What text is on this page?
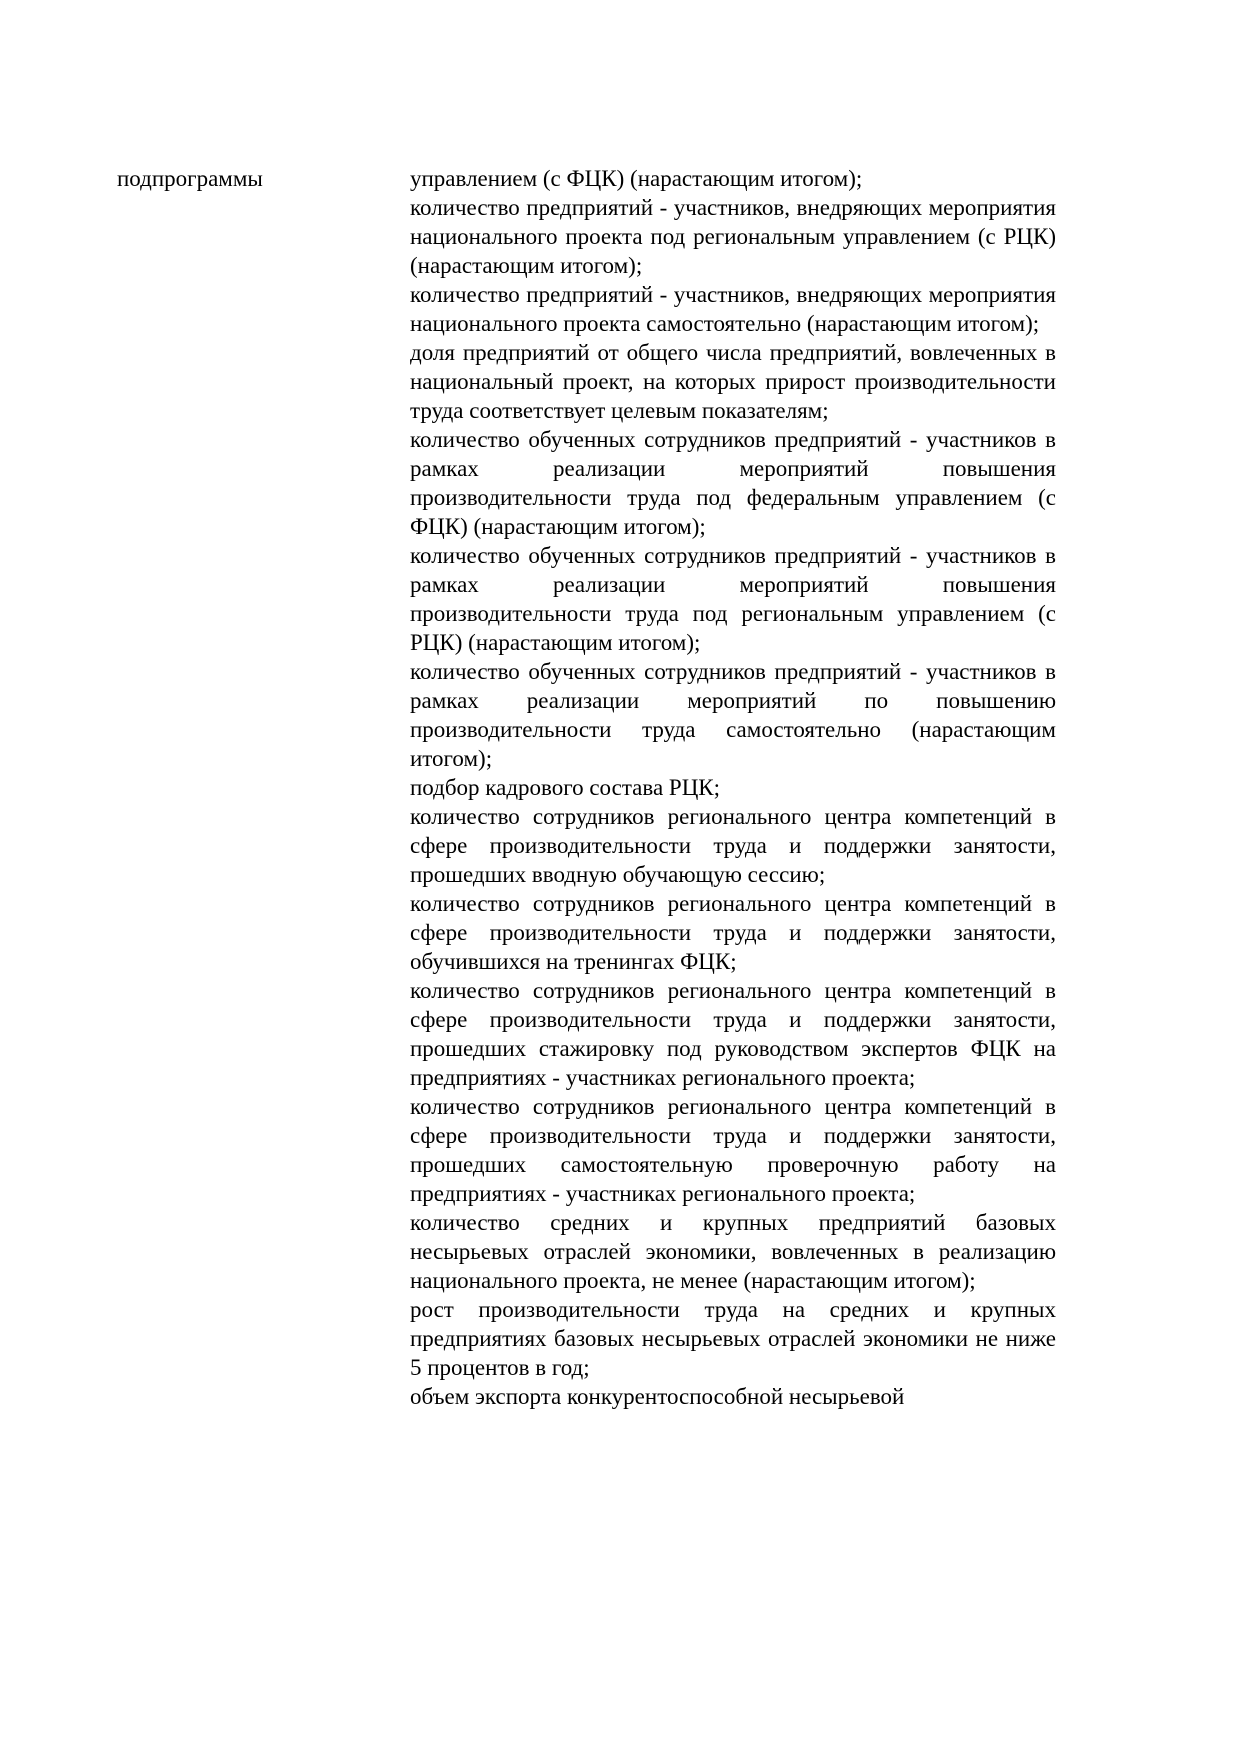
подпрограммы	управлением (с ФЦК) (нарастающим итогом);

количество предприятий - участников, внедряющих мероприятия национального проекта под региональным управлением (с РЦК) (нарастающим итогом);

количество предприятий - участников, внедряющих мероприятия национального проекта самостоятельно (нарастающим итогом);

доля предприятий от общего числа предприятий, вовлеченных в национальный проект, на которых прирост производительности труда соответствует целевым показателям;

количество обученных сотрудников предприятий - участников в рамках реализации мероприятий повышения производительности труда под федеральным управлением (с ФЦК) (нарастающим итогом);

количество обученных сотрудников предприятий - участников в рамках реализации мероприятий повышения производительности труда под региональным управлением (с РЦК) (нарастающим итогом);

количество обученных сотрудников предприятий - участников в рамках реализации мероприятий по повышению производительности труда самостоятельно (нарастающим итогом);

подбор кадрового состава РЦК;

количество сотрудников регионального центра компетенций в сфере производительности труда и поддержки занятости, прошедших вводную обучающую сессию;

количество сотрудников регионального центра компетенций в сфере производительности труда и поддержки занятости, обучившихся на тренингах ФЦК;

количество сотрудников регионального центра компетенций в сфере производительности труда и поддержки занятости, прошедших стажировку под руководством экспертов ФЦК на предприятиях - участниках регионального проекта;

количество сотрудников регионального центра компетенций в сфере производительности труда и поддержки занятости, прошедших самостоятельную проверочную работу на предприятиях - участниках регионального проекта;

количество средних и крупных предприятий базовых несырьевых отраслей экономики, вовлеченных в реализацию национального проекта, не менее (нарастающим итогом);

рост производительности труда на средних и крупных предприятиях базовых несырьевых отраслей экономики не ниже 5 процентов в год;

объем экспорта конкурентоспособной несырьевой
